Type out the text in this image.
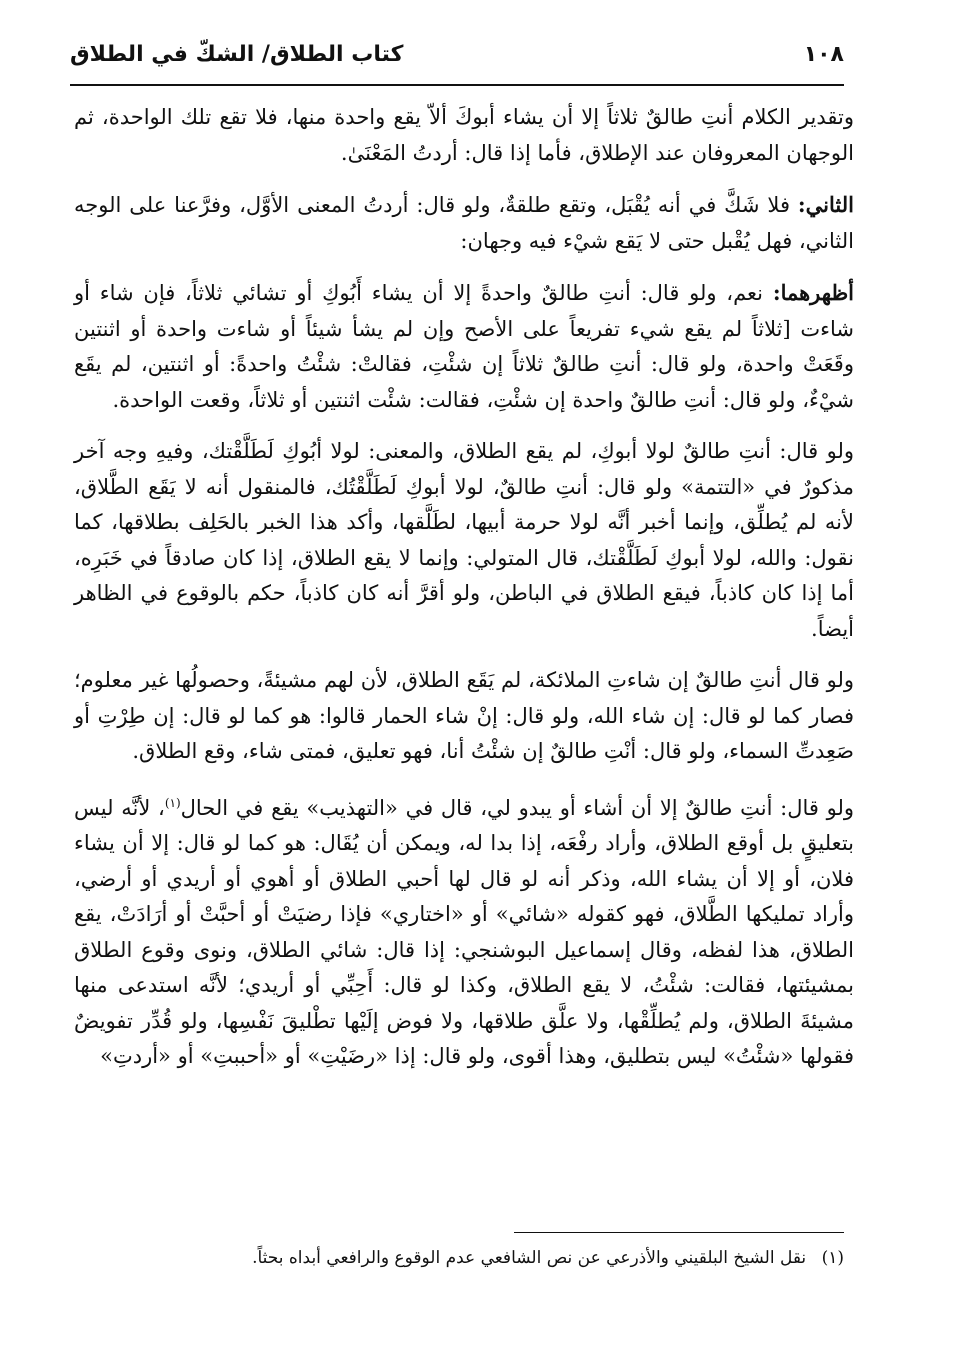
١٠٨
كتاب الطلاق/ الشكّ في الطلاق

وتقدير الكلام أنتِ طالقٌ ثلاثاً إلا أن يشاء أبوكَ ألاّ يقع واحدة منها، فلا تقع تلك الواحدة، ثم الوجهان المعروفان عند الإطلاق، فأما إذا قال: أردتُ المَعْنَىٰ.

الثاني: فلا شَكَّ في أنه يُقْبَل، وتقع طلقةٌ، ولو قال: أردتُ المعنى الأوَّل، وفرَّعنا على الوجه الثاني، فهل يُقْبل حتى لا يَقع شيْء فيه وجهان:

أظهرهما: نعم، ولو قال: أنتِ طالقٌ واحدةً إلا أن يشاء أَبُوكِ أو تشائي ثلاثاً، فإن شاء أو شاءت [ثلاثاً لم يقع شيء تفريعاً على الأصح وإن لم يشأ شيئاً أو شاءت واحدة أو اثنتين وقَعَتْ واحدة، ولو قال: أنتِ طالقٌ ثلاثاً إن شئْتِ، فقالتْ: شئْتُ واحدةً: أو اثنتين، لم يقَع شيْءٌ، ولو قال: أنتِ طالقٌ واحدة إن شئْتِ، فقالت: شئْت اثنتين أو ثلاثاً، وقعت الواحدة.

ولو قال: أنتِ طالقٌ لولا أبوكِ، لم يقع الطلاق، والمعنى: لولا أبُوكِ لَطَلَّقْتك، وفيهِ وجه آخر مذكورٌ في «التتمة» ولو قال: أنتِ طالقٌ، لولا أبوكِ لَطَلَّقْتُك، فالمنقول أنه لا يَقَع الطَّلاق، لأنه لم يُطلِّق، وإنما أخبر أنَّه لولا حرمة أبيها، لطَلَّقها، وأكد هذا الخبر بالحَلِف بطلاقها، كما نقول: والله، لولا أبوكِ لَطَلَّقْتك، قال المتولي: وإنما لا يقع الطلاق، إذا كان صادقاً في خَبَرِه، أما إذا كان كاذباً، فيقع الطلاق في الباطن، ولو أقرَّ أنه كان كاذباً، حكم بالوقوع في الظاهر أيضاً.

ولو قال أنتِ طالقٌ إن شاءتِ الملائكة، لم يَقَع الطلاق، لأن لهم مشيئةً، وحصولُها غير معلوم؛ فصار كما لو قال: إن شاء الله، ولو قال: إنْ شاء الحمار قالوا: هو كما لو قال: إن طِرْتِ أو صَعِدتِّ السماء، ولو قال: أنْتِ طالقٌ إن شئْتُ أنا، فهو تعليق، فمتى شاء، وقع الطلاق.

ولو قال: أنتِ طالقٌ إلا أن أشاء أو يبدو لي، قال في «التهذيب» يقع في الحال$^{(١)}$، لأنَّه ليس بتعليقٍ بل أوقع الطلاق، وأراد رفْعَه، إذا بدا له، ويمكن أن يُقَال: هو كما لو قال: إلا أن يشاء فلان، أو إلا أن يشاء الله، وذكر أنه لو قال لها أحبي الطلاق أو أهوي أو أريدي أو أرضي، وأراد تمليكها الطَّلاق، فهو كقوله «شائي» أو «اختاري» فإذا رضيَتْ أو أحبَّتْ أو أرَادَتْ، يقع الطلاق، هذا لفظه، وقال إسماعيل البوشنجي: إذا قال: شائي الطلاق، ونوى وقوع الطلاق بمشيئتها، فقالت: شئْتُ، لا يقع الطلاق، وكذا لو قال: أَحِبِّي أو أريدي؛ لأنَّه استدعى منها مشيئةَ الطلاق، ولم يُطلِّقْها، ولا علَّق طلاقها، ولا فوض إلَيْها تطْليقَ نَفْسِها، ولو قُدِّر تفويضٌ فقولها «شئْتُ» ليس بتطليق، وهذا أقوى، ولو قال: إذا «رضَيْتِ» أو «أحببتِ» أو «أردتِ»

(١) نقل الشيخ البلقيني والأذرعي عن نص الشافعي عدم الوقوع والرافعي أبداه بحثاً.
